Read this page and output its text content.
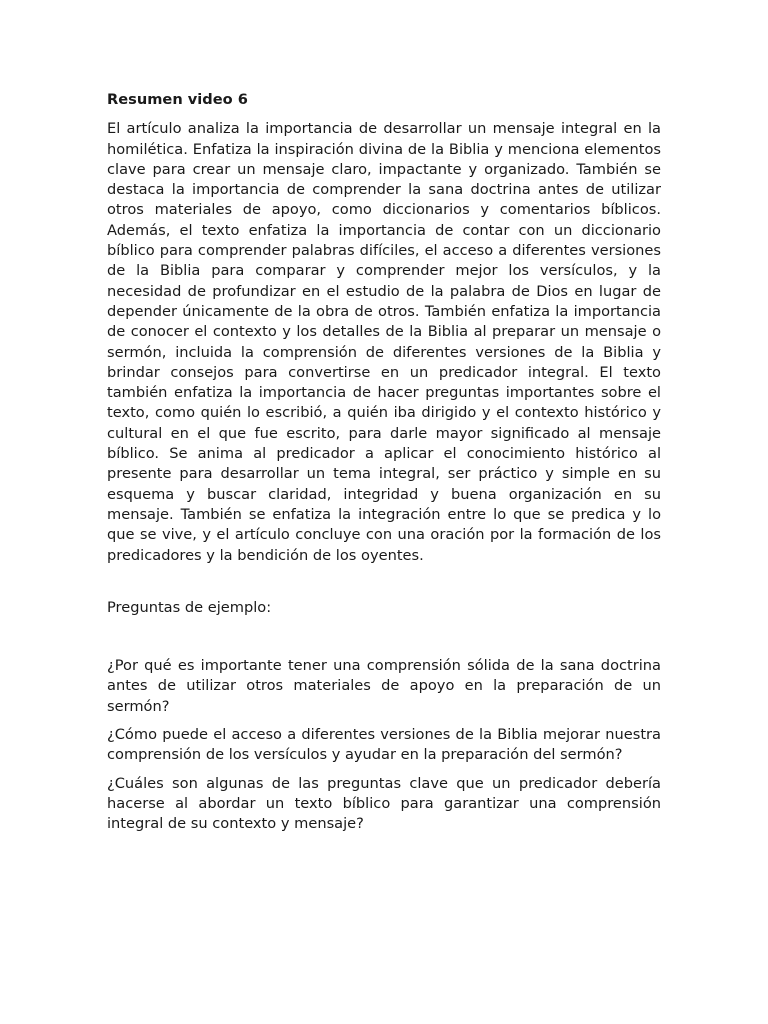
Resumen video 6

El artículo analiza la importancia de desarrollar un mensaje integral en la homilética. Enfatiza la inspiración divina de la Biblia y menciona elementos clave para crear un mensaje claro, impactante y organizado. También se destaca la importancia de comprender la sana doctrina antes de utilizar otros materiales de apoyo, como diccionarios y comentarios bíblicos. Además, el texto enfatiza la importancia de contar con un diccionario bíblico para comprender palabras difíciles, el acceso a diferentes versiones de la Biblia para comparar y comprender mejor los versículos, y la necesidad de profundizar en el estudio de la palabra de Dios en lugar de depender únicamente de la obra de otros. También enfatiza la importancia de conocer el contexto y los detalles de la Biblia al preparar un mensaje o sermón, incluida la comprensión de diferentes versiones de la Biblia y brindar consejos para convertirse en un predicador integral. El texto también enfatiza la importancia de hacer preguntas importantes sobre el texto, como quién lo escribió, a quién iba dirigido y el contexto histórico y cultural en el que fue escrito, para darle mayor significado al mensaje bíblico. Se anima al predicador a aplicar el conocimiento histórico al presente para desarrollar un tema integral, ser práctico y simple en su esquema y buscar claridad, integridad y buena organización en su mensaje. También se enfatiza la integración entre lo que se predica y lo que se vive, y el artículo concluye con una oración por la formación de los predicadores y la bendición de los oyentes.

Preguntas de ejemplo:

¿Por qué es importante tener una comprensión sólida de la sana doctrina antes de utilizar otros materiales de apoyo en la preparación de un sermón?

¿Cómo puede el acceso a diferentes versiones de la Biblia mejorar nuestra comprensión de los versículos y ayudar en la preparación del sermón?

¿Cuáles son algunas de las preguntas clave que un predicador debería hacerse al abordar un texto bíblico para garantizar una comprensión integral de su contexto y mensaje?
